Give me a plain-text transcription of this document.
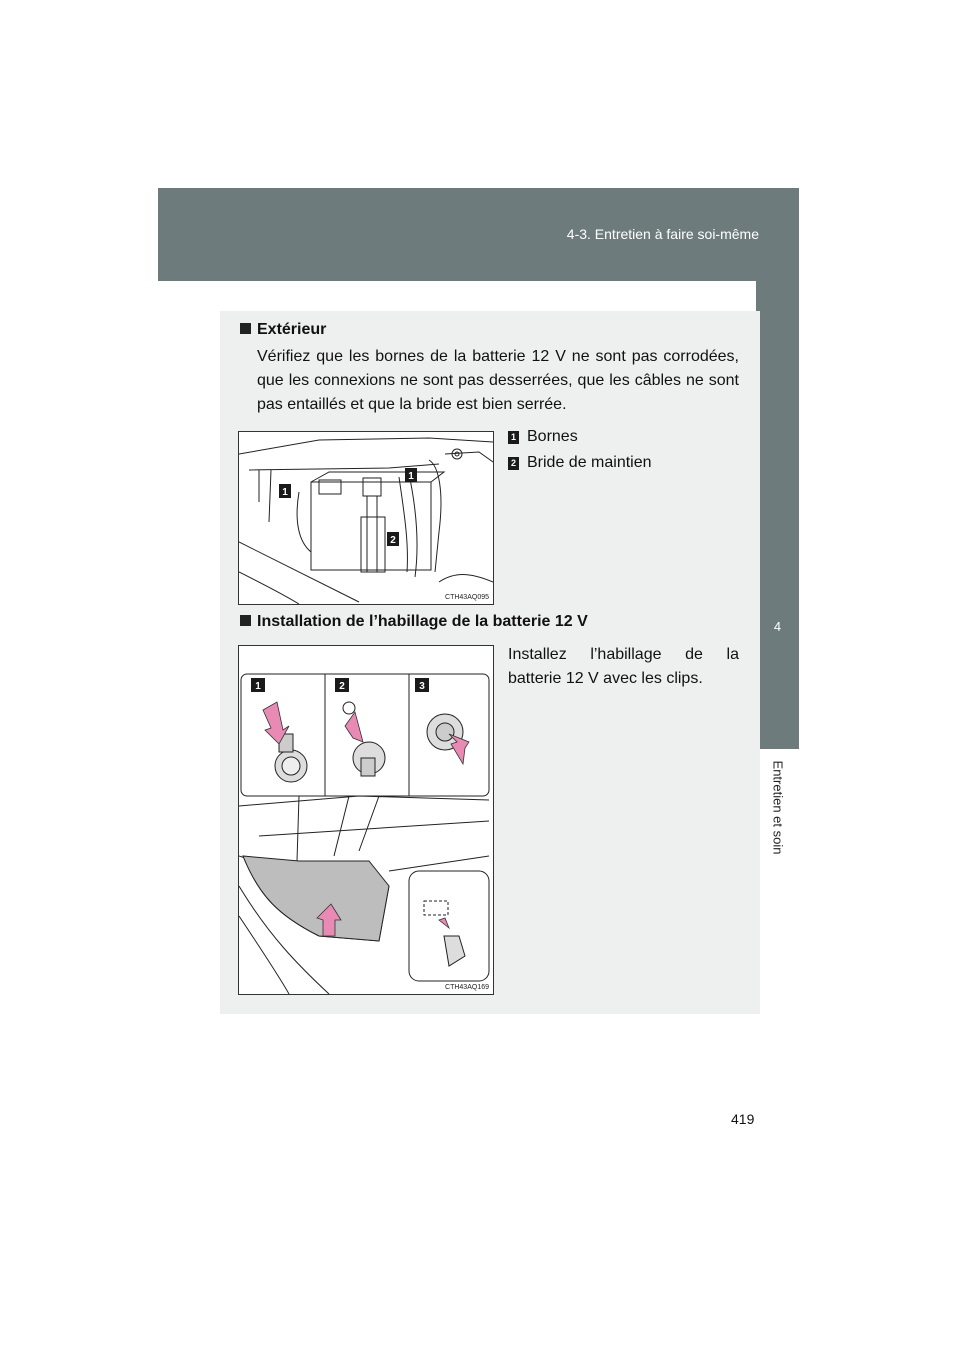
4-3. Entretien à faire soi-même
4
Entretien et soin
Extérieur
Vérifiez que les bornes de la batterie 12 V ne sont pas corrodées, que les connexions ne sont pas desserrées, que les câbles ne sont pas entaillés et que la bride est bien serrée.
1
1
2
CTH43AQ095
1 Bornes
2 Bride de maintien
Installation de l’habillage de la batterie 12 V
1	2	3
CTH43AQ169
Installez l’habillage de la batterie 12 V avec les clips.
419
